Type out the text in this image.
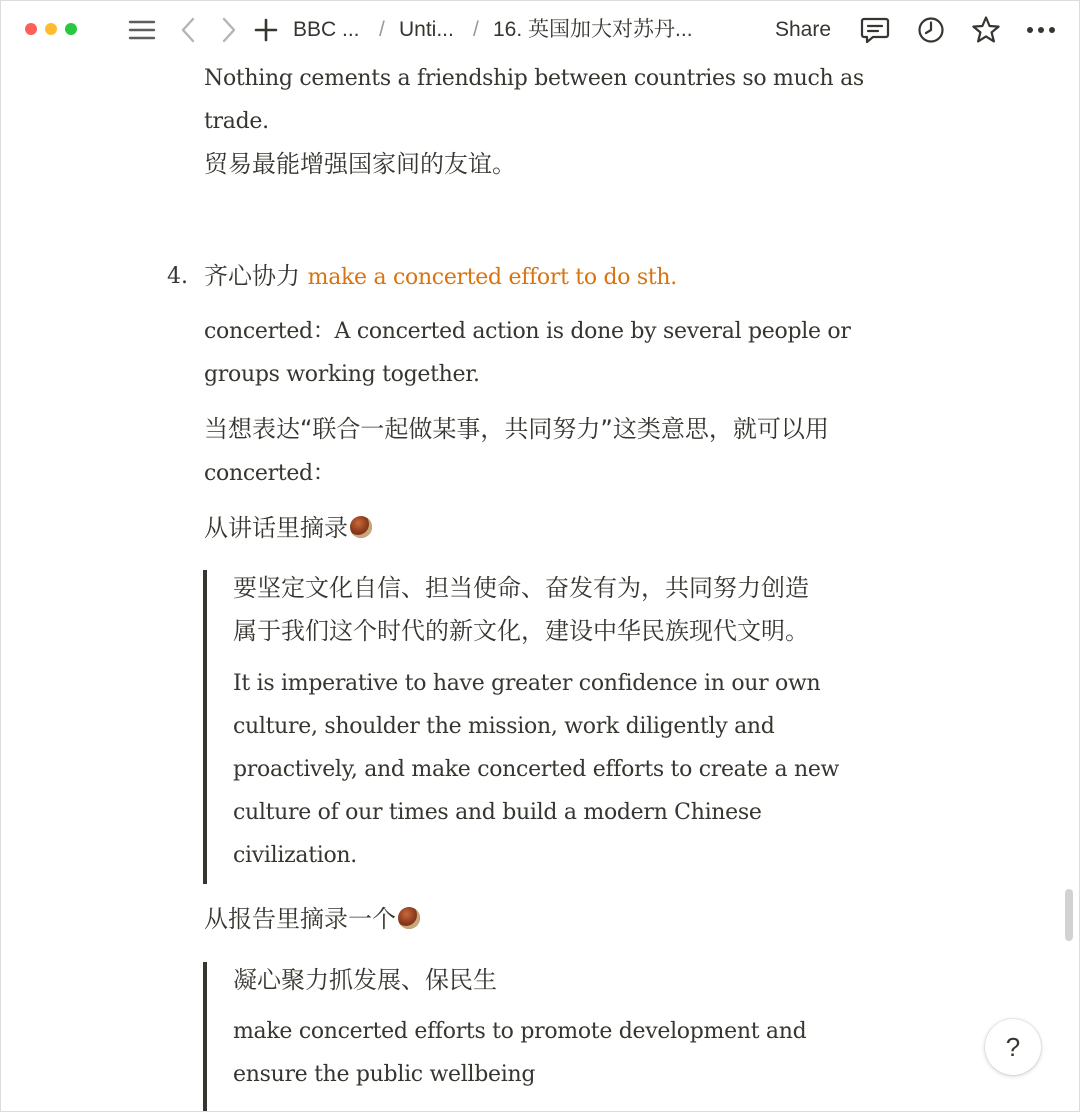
BBC ... / Unti... / 16. 英国加大对苏丹...	Share
Nothing cements a friendship between countries so much as
trade.
贸易最能增强国家间的友谊。
4. 齐心协力 make a concerted effort to do sth.
concerted：A concerted action is done by several people or
groups working together.
当想表达“联合一起做某事，共同努力”这类意思，就可以用
concerted：
从讲话里摘录
要坚定文化自信、担当使命、奋发有为，共同努力创造
属于我们这个时代的新文化，建设中华民族现代文明。
It is imperative to have greater confidence in our own
culture, shoulder the mission, work diligently and
proactively, and make concerted efforts to create a new
culture of our times and build a modern Chinese
civilization.
从报告里摘录一个
凝心聚力抓发展、保民生
make concerted efforts to promote development and
ensure the public wellbeing
?
